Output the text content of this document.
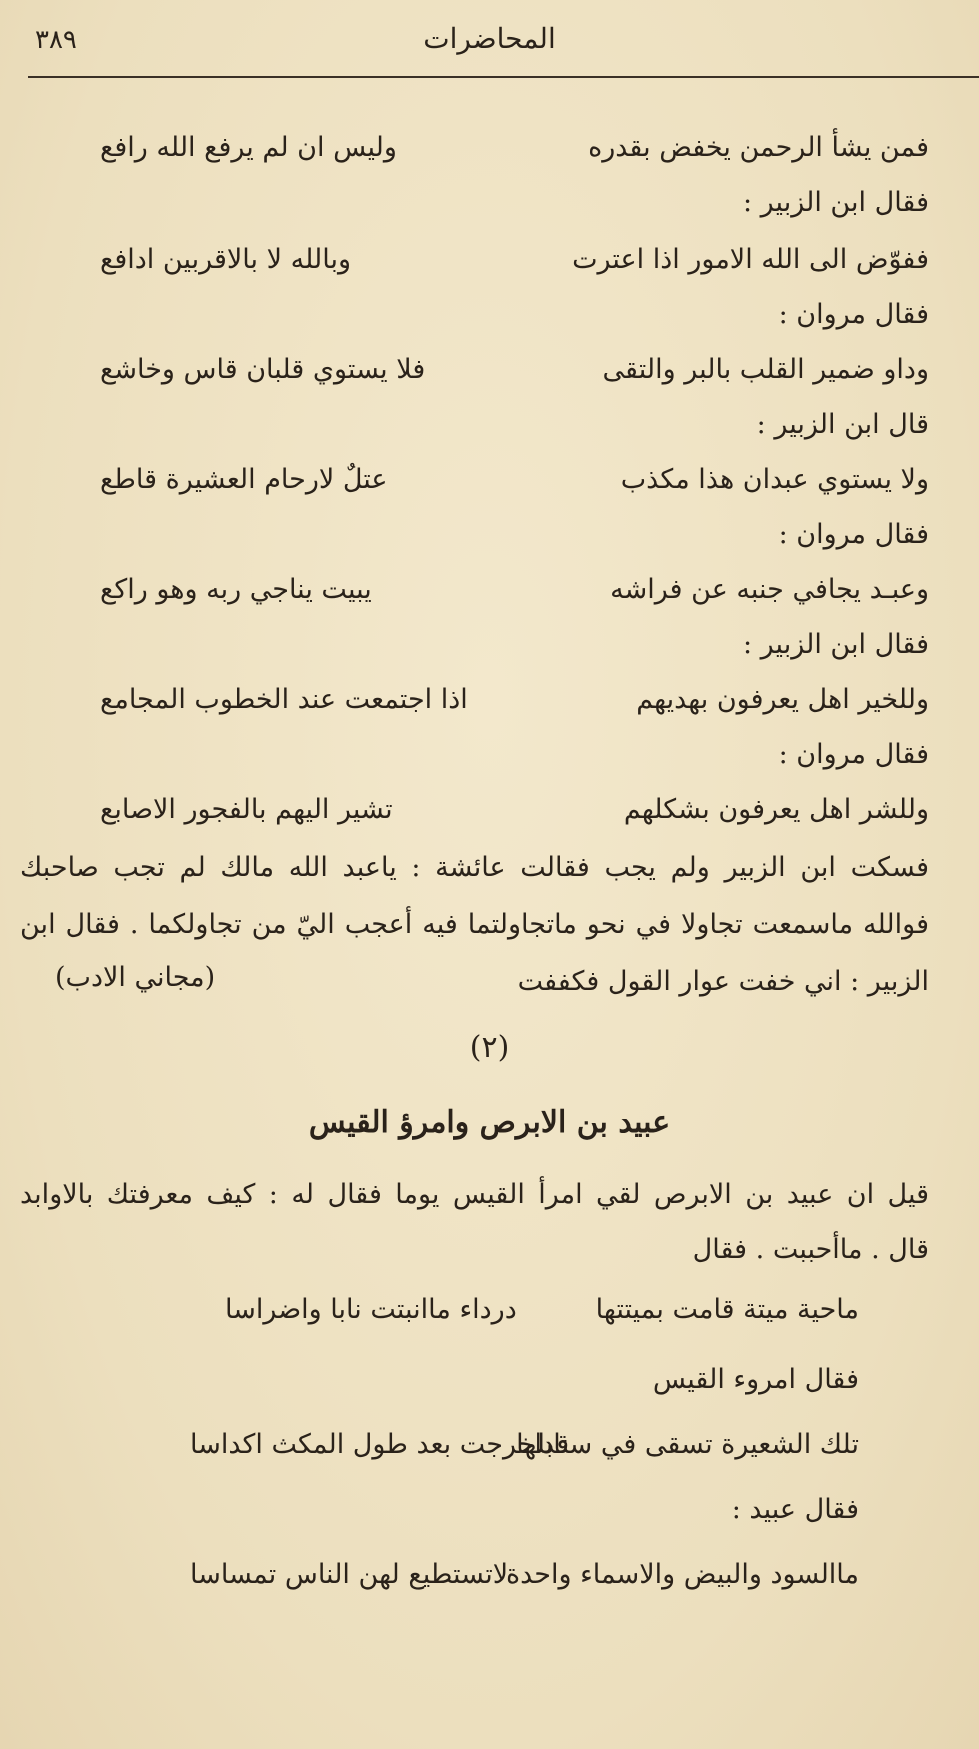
٣٨٩	المحاضرات
فمن يشأ الرحمن يخفض بقدره
وليس ان لم يرفع الله رافع
فقال ابن الزبير :
ففوّض الى الله الامور اذا اعترت
وبالله لا بالاقربين ادافع
فقال مروان :
وداو ضمير القلب بالبر والتقى
فلا يستوي قلبان قاس وخاشع
قال ابن الزبير :
ولا يستوي عبدان هذا مكذب
عتلٌ لارحام العشيرة قاطع
فقال مروان :
وعبـد يجافي جنبه عن فراشه
يبيت يناجي ربه وهو راكع
فقال ابن الزبير :
وللخير اهل يعرفون بهديهم
اذا اجتمعت عند الخطوب المجامع
فقال مروان :
وللشر اهل يعرفون بشكلهم
تشير اليهم بالفجور الاصابع
فسكت ابن الزبير ولم يجب فقالت عائشة : ياعبد الله مالك لم تجب صاحبك
فوالله ماسمعت تجاولا في نحو ماتجاولتما فيه أعجب اليّ من تجاولكما . فقال ابن
الزبير : اني خفت عوار القول فكففت
(مجاني الادب)
(٢)
عبيد بن الابرص وامرؤ القيس
قيل ان عبيد بن الابرص لقي امرأ القيس يوما فقال له : كيف معرفتك بالاوابد
قال . ماأحببت . فقال
ماحية ميتة قامت بميتتها
درداء ماانبتت نابا واضراسا
فقال امروء القيس
تلك الشعيرة تسقى في سنابلها
قداخرجت بعد طول المكث اكداسا
فقال عبيد :
ماالسود والبيض والاسماء واحدة
لاتستطيع لهن الناس تمساسا
